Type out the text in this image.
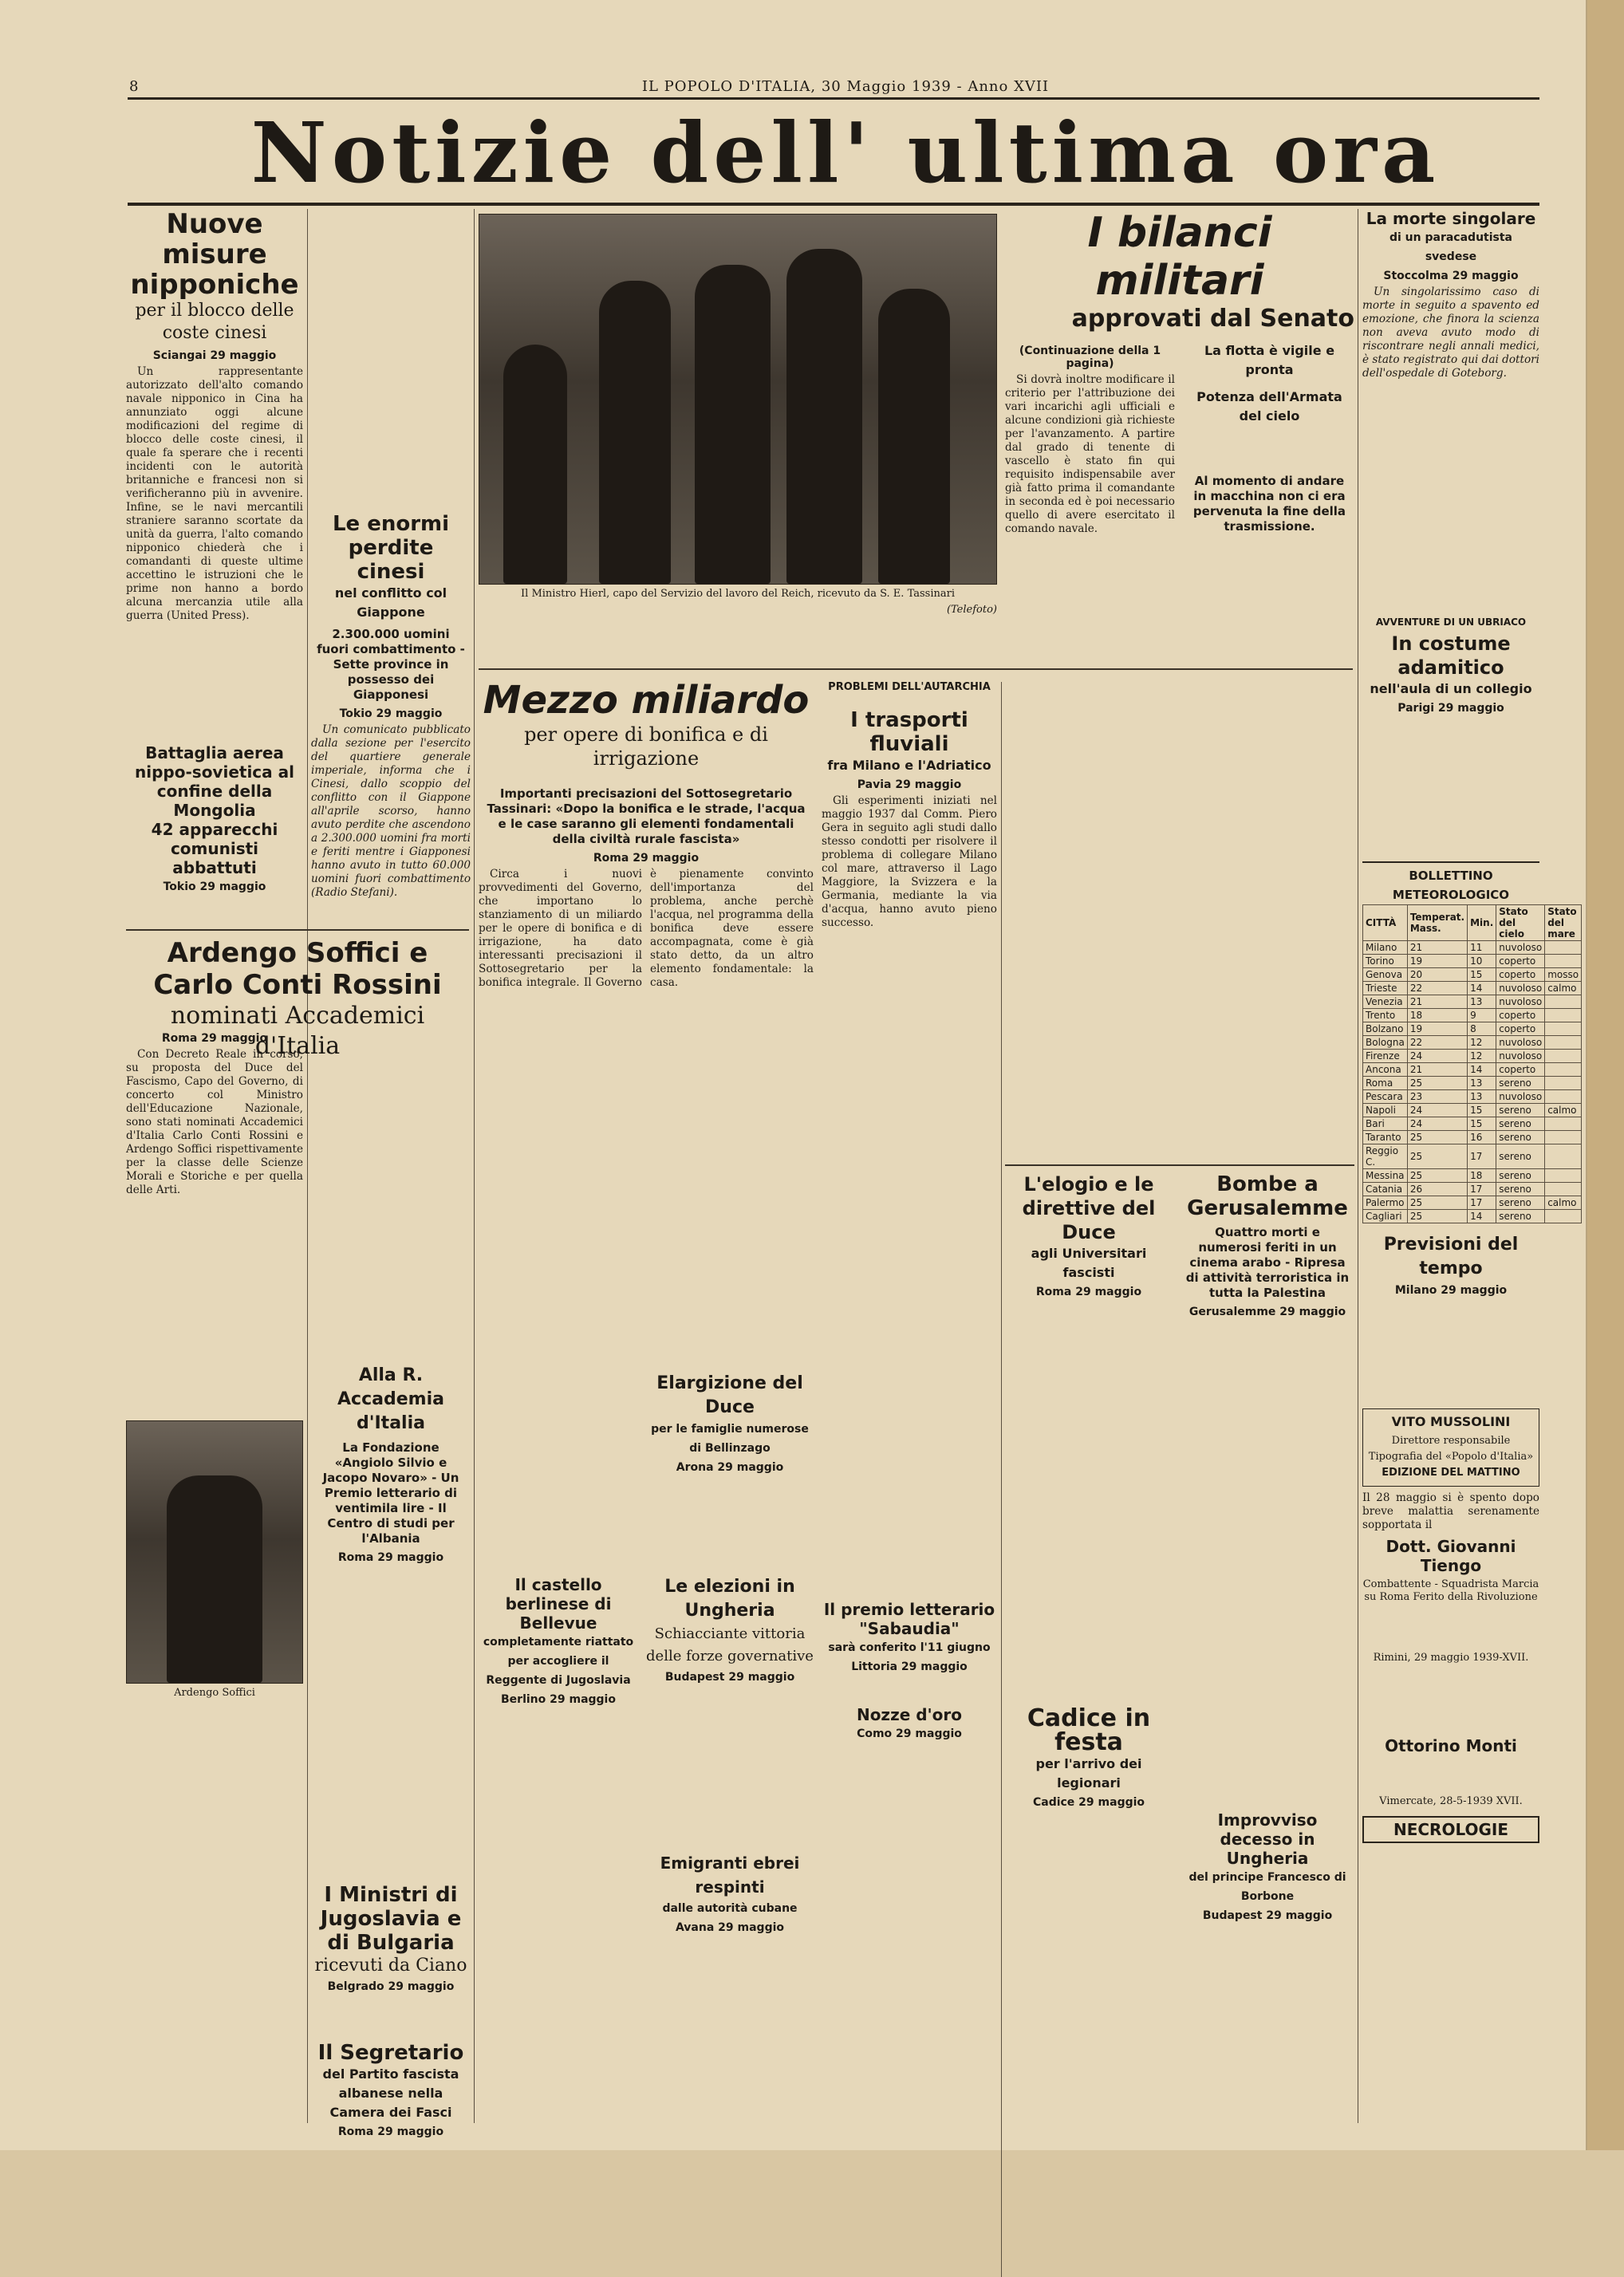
8	IL POPOLO D'ITALIA, 30 Maggio 1939 - Anno XVII
Notizie dell' ultima ora
Nuove misure nipponiche
per il blocco delle coste cinesi
Sciangai 29 maggio

Un rappresentante autorizzato dell'alto comando navale nipponico in Cina ha annunziato oggi alcune modificazioni del regime di blocco delle coste cinesi, il quale fa sperare che i recenti incidenti con le autorità britanniche e francesi non si verificheranno più in avvenire. Infine, se le navi mercantili straniere saranno scortate da unità da guerra, l'alto comando nipponico chiederà che i comandanti di queste ultime accettino le istruzioni che le prime non hanno a bordo alcuna mercanzia utile alla guerra (United Press).

Battaglia aerea nippo-sovietica al confine della Mongolia
42 apparecchi comunisti abbattuti
Tokio 29 maggio
Le enormi perdite cinesi
nel conflitto col Giappone
2.300.000 uomini fuori combattimento - Sette province in possesso dei Giapponesi
Tokio 29 maggio

Un comunicato pubblicato dalla sezione per l'esercito del quartiere generale imperiale, informa che i Cinesi, dallo scoppio del conflitto con il Giappone all'aprile scorso, hanno avuto perdite che ascendono a 2.300.000 uomini fra morti e feriti mentre i Giapponesi hanno avuto in tutto 60.000 uomini fuori combattimento (Radio Stefani).

Ardengo Soffici e Carlo Conti Rossini
nominati Accademici d'Italia
Roma 29 maggio

Con Decreto Reale in corso, su proposta del Duce del Fascismo, Capo del Governo, di concerto col Ministro dell'Educazione Nazionale, sono stati nominati Accademici d'Italia Carlo Conti Rossini e Ardengo Soffici rispettivamente per la classe delle Scienze Morali e Storiche e per quella delle Arti.

Ardengo Soffici
Alla R. Accademia d'Italia
La Fondazione «Angiolo Silvio e Jacopo Novaro» - Un Premio letterario di ventimila lire - Il Centro di studi per l'Albania
Roma 29 maggio
I Ministri di Jugoslavia e di Bulgaria
ricevuti da Ciano
Belgrado 29 maggio
Il Segretario
del Partito fascista albanese nella Camera dei Fasci
Roma 29 maggio
Il Ministro Hierl, capo del Servizio del lavoro del Reich, ricevuto da S. E. Tassinari
(Telefoto)
Mezzo miliardo
per opere di bonifica e di irrigazione
Importanti precisazioni del Sottosegretario Tassinari: «Dopo la bonifica e le strade, l'acqua e le case saranno gli elementi fondamentali della civiltà rurale fascista»
Roma 29 maggio

Circa i nuovi provvedimenti del Governo, che importano lo stanziamento di un miliardo per le opere di bonifica e di irrigazione, ha dato interessanti precisazioni il Sottosegretario per la bonifica integrale. Il Governo è pienamente convinto dell'importanza del problema, anche perchè l'acqua, nel programma della bonifica deve essere accompagnata, come è già stato detto, da un altro elemento fondamentale: la casa.

Elargizione del Duce
per le famiglie numerose di Bellinzago
Arona 29 maggio
Il castello berlinese di Bellevue
completamente riattato per accogliere il Reggente di Jugoslavia
Berlino 29 maggio
Le elezioni in Ungheria
Schiacciante vittoria delle forze governative
Budapest 29 maggio
Emigranti ebrei respinti
dalle autorità cubane
Avana 29 maggio
PROBLEMI DELL'AUTARCHIA
I trasporti fluviali
fra Milano e l'Adriatico
Pavia 29 maggio

Gli esperimenti iniziati nel maggio 1937 dal Comm. Piero Gera in seguito agli studi dallo stesso condotti per risolvere il problema di collegare Milano col mare, attraverso il Lago Maggiore, la Svizzera e la Germania, mediante la via d'acqua, hanno avuto pieno successo.

Il premio letterario "Sabaudia"
sarà conferito l'11 giugno
Littoria 29 maggio
Nozze d'oro
Como 29 maggio
I bilanci militari
approvati dal Senato
(Continuazione della 1 pagina)

Si dovrà inoltre modificare il criterio per l'attribuzione dei vari incarichi agli ufficiali e alcune condizioni già richieste per l'avanzamento. A partire dal grado di tenente di vascello è stato fin qui requisito indispensabile aver già fatto prima il comandante in seconda ed è poi necessario quello di avere esercitato il comando navale.

La flotta è vigile e pronta
Potenza dell'Armata del cielo
Al momento di andare in macchina non ci era pervenuta la fine della trasmissione.
L'elogio e le direttive del Duce
agli Universitari fascisti
Roma 29 maggio
Bombe a Gerusalemme
Quattro morti e numerosi feriti in un cinema arabo - Ripresa di attività terroristica in tutta la Palestina
Gerusalemme 29 maggio
Cadice in festa
per l'arrivo dei legionari
Cadice 29 maggio
Improvviso decesso in Ungheria
del principe Francesco di Borbone
Budapest 29 maggio
La morte singolare
di un paracadutista svedese
Stoccolma 29 maggio

Un singolarissimo caso di morte in seguito a spavento ed emozione, che finora la scienza non aveva avuto modo di riscontrare negli annali medici, è stato registrato qui dai dottori dell'ospedale di Goteborg.

AVVENTURE DI UN UBRIACO
In costume adamitico
nell'aula di un collegio
Parigi 29 maggio
BOLLETTINO METEOROLOGICO
CITTÀ	Temperat. Mass.	Min.	Stato del cielo	Stato del mare
Milano	21	11	nuvoloso	
Torino	19	10	coperto	
Genova	20	15	coperto	mosso
Trieste	22	14	nuvoloso	calmo
Venezia	21	13	nuvoloso	
Trento	18	9	coperto	
Bolzano	19	8	coperto	
Bologna	22	12	nuvoloso	
Firenze	24	12	nuvoloso	
Ancona	21	14	coperto	
Roma	25	13	sereno	
Pescara	23	13	nuvoloso	
Napoli	24	15	sereno	calmo
Bari	24	15	sereno	
Taranto	25	16	sereno	
Reggio C.	25	17	sereno	
Messina	25	18	sereno	
Catania	26	17	sereno	
Palermo	25	17	sereno	calmo
Cagliari	25	14	sereno	
Previsioni del tempo
Milano 29 maggio
VITO MUSSOLINI
Direttore responsabile
Tipografia del «Popolo d'Italia»
EDIZIONE DEL MATTINO
Il 28 maggio si è spento dopo breve malattia serenamente sopportata il
Dott. Giovanni Tiengo
Combattente - Squadrista Marcia su Roma Ferito della Rivoluzione
Rimini, 29 maggio 1939-XVII.
Ottorino Monti
Vimercate, 28-5-1939 XVII.
NECROLOGIE
